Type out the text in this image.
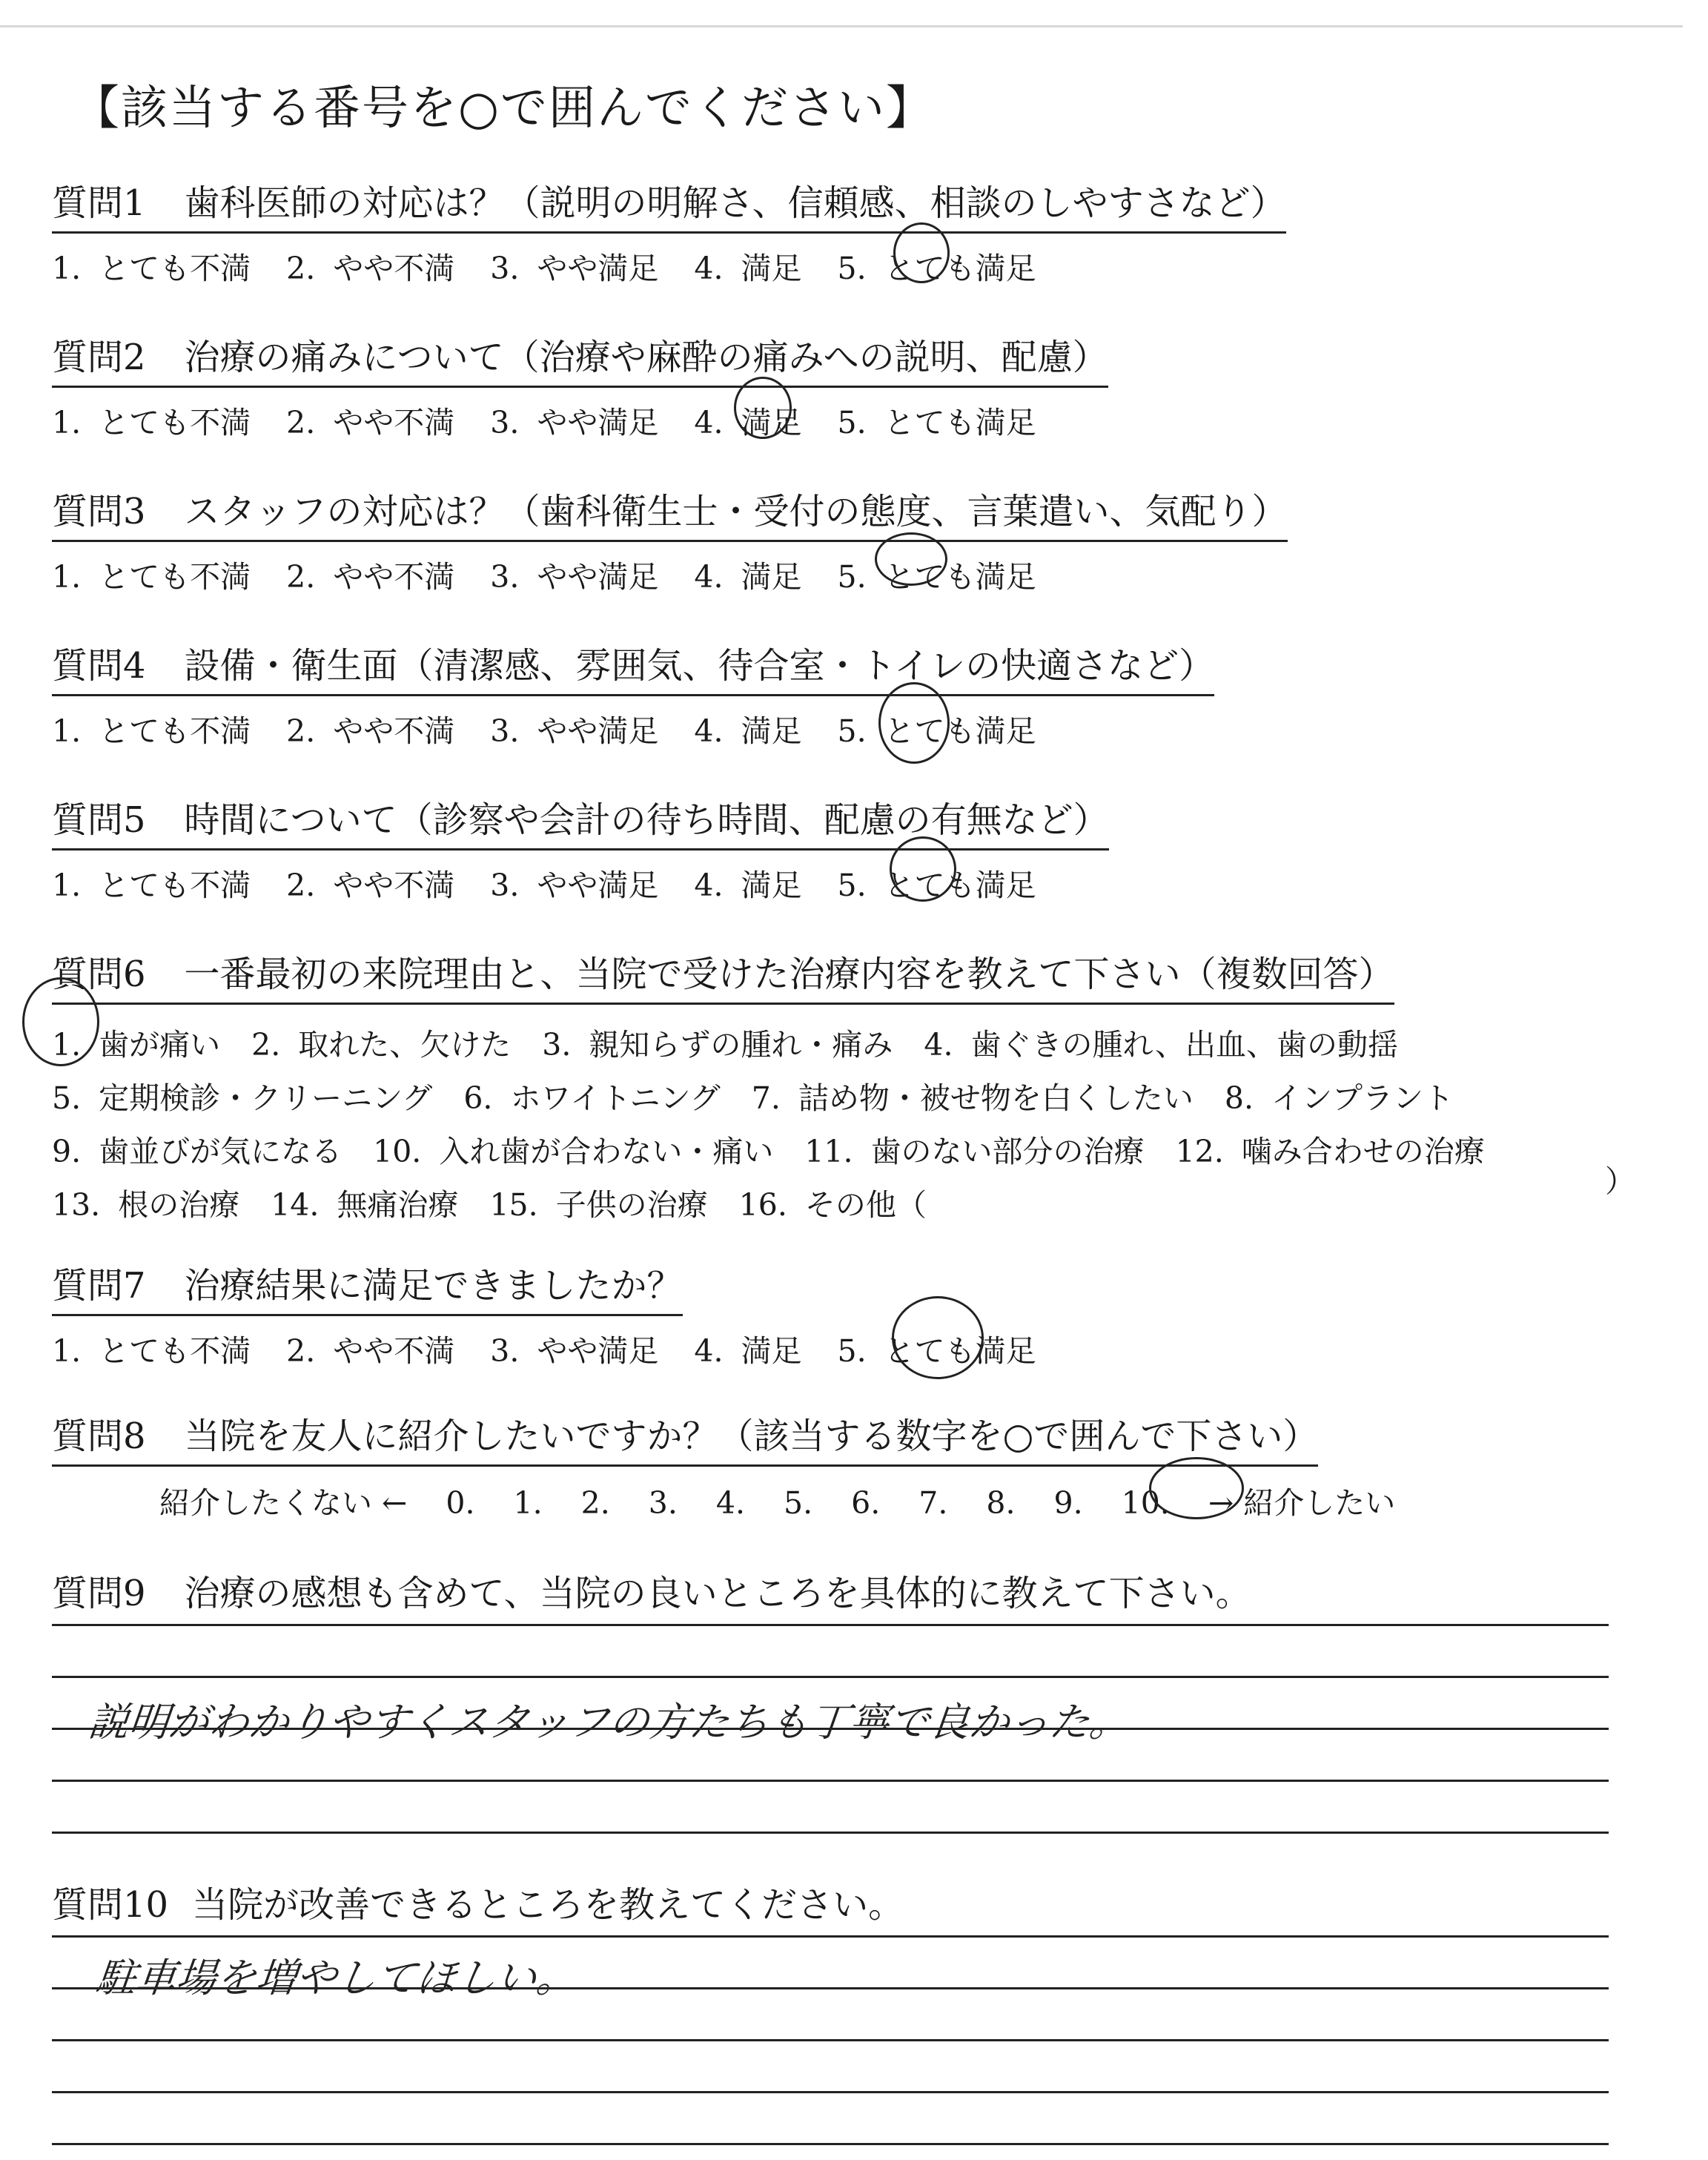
【該当する番号を○で囲んでください】
質問1 歯科医師の対応は？（説明の明解さ、信頼感、相談のしやすさなど）
1. とても不満 2. やや不満 3. やや満足 4. 満足 5. とても満足
質問2 治療の痛みについて（治療や麻酔の痛みへの説明、配慮）
1. とても不満 2. やや不満 3. やや満足 4. 満足 5. とても満足
質問3 スタッフの対応は？（歯科衛生士・受付の態度、言葉遣い、気配り）
1. とても不満 2. やや不満 3. やや満足 4. 満足 5. とても満足
質問4 設備・衛生面（清潔感、雰囲気、待合室・トイレの快適さなど）
1. とても不満 2. やや不満 3. やや満足 4. 満足 5. とても満足
質問5 時間について（診察や会計の待ち時間、配慮の有無など）
1. とても不満 2. やや不満 3. やや満足 4. 満足 5. とても満足
質問6 一番最初の来院理由と、当院で受けた治療内容を教えて下さい（複数回答）
1. 歯が痛い 2. 取れた、欠けた 3. 親知らずの腫れ・痛み 4. 歯ぐきの腫れ、出血、歯の動揺
5. 定期検診・クリーニング 6. ホワイトニング 7. 詰め物・被せ物を白くしたい 8. インプラント
9. 歯並びが気になる 10. 入れ歯が合わない・痛い 11. 歯のない部分の治療 12. 噛み合わせの治療
13. 根の治療 14. 無痛治療 15. 子供の治療 16. その他（
）
質問7 治療結果に満足できましたか？
1. とても不満 2. やや不満 3. やや満足 4. 満足 5. とても満足
質問8 当院を友人に紹介したいですか？（該当する数字を○で囲んで下さい）
紹介したくない ← 0. 1. 2. 3. 4. 5. 6. 7. 8. 9. 10. → 紹介したい
質問9 治療の感想も含めて、当院の良いところを具体的に教えて下さい。
説明がわかりやすくスタッフの方たちも丁寧で良かった。
質問10 当院が改善できるところを教えてください。
駐車場を増やしてほしい。
